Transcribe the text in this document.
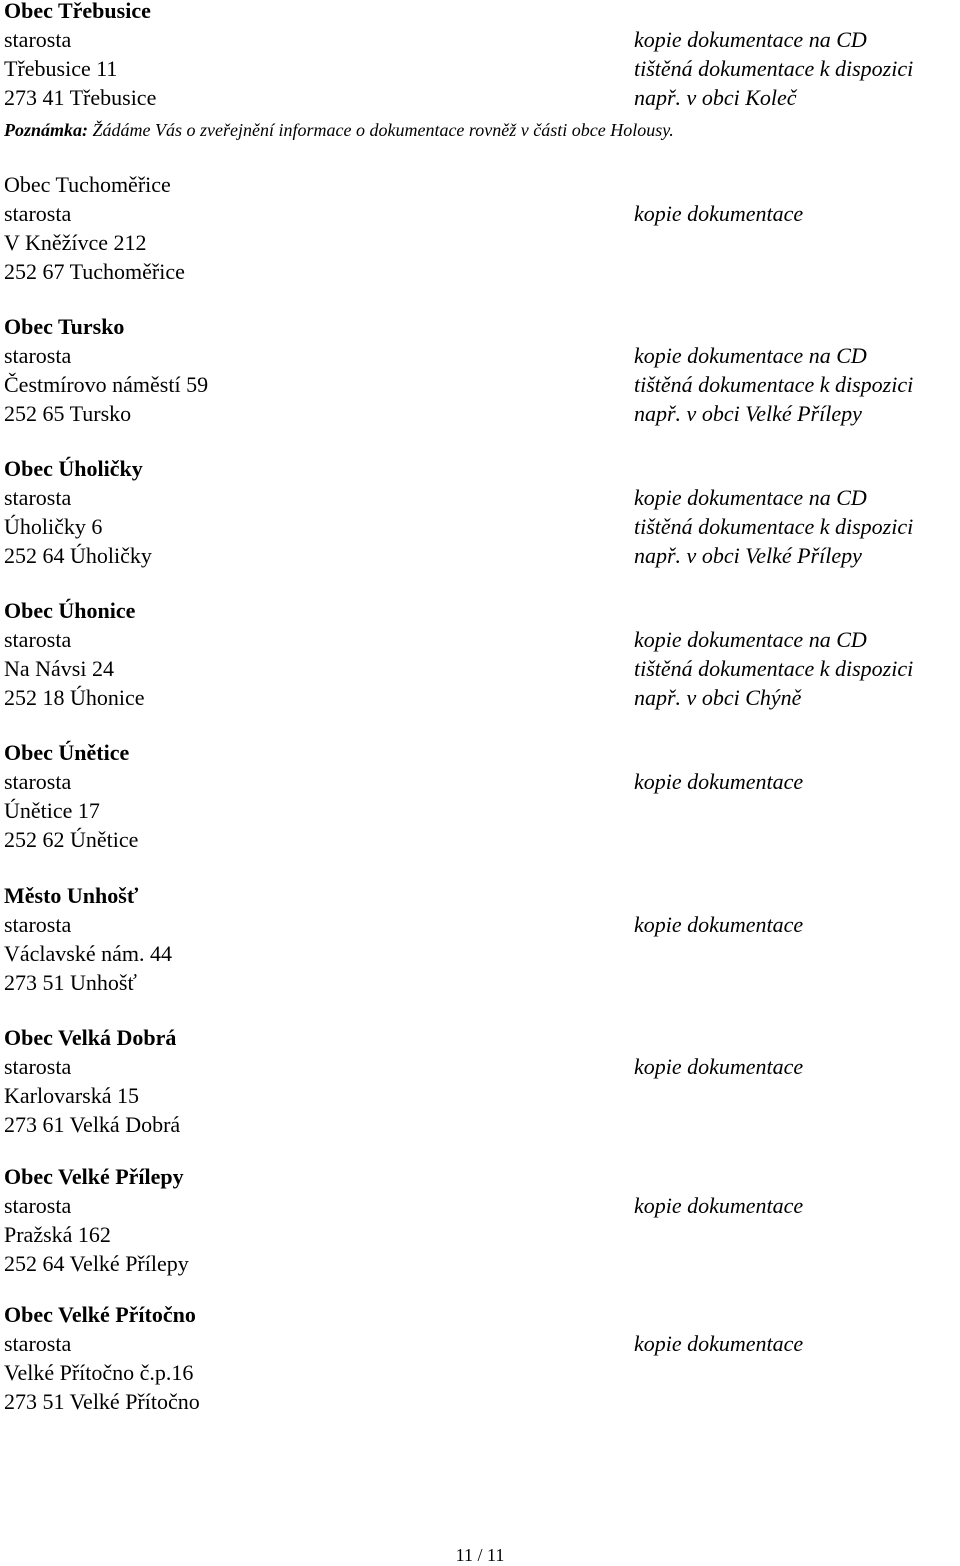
Obec Třebusice
starosta
Třebusice 11
273 41 Třebusice
kopie dokumentace na CD
tištěná dokumentace k dispozici
např. v obci Koleč
Poznámka: Žádáme Vás o zveřejnění informace o dokumentace rovněž v části obce Holousy.
Obec Tuchoměřice
starosta
V Kněžívce 212
252 67 Tuchoměřice
kopie dokumentace
Obec Tursko
starosta
Čestmírovo náměstí 59
252 65 Tursko
kopie dokumentace na CD
tištěná dokumentace k dispozici
např. v obci Velké Přílepy
Obec Úholičky
starosta
Úholičky 6
252 64 Úholičky
kopie dokumentace na CD
tištěná dokumentace k dispozici
např. v obci Velké Přílepy
Obec Úhonice
starosta
Na Návsi 24
252 18 Úhonice
kopie dokumentace na CD
tištěná dokumentace k dispozici
např. v obci Chýně
Obec Únětice
starosta
Únětice 17
252 62 Únětice
kopie dokumentace
Město Unhošť
starosta
Václavské nám. 44
273 51 Unhošť
kopie dokumentace
Obec Velká Dobrá
starosta
Karlovarská 15
273 61 Velká Dobrá
kopie dokumentace
Obec Velké Přílepy
starosta
Pražská 162
252 64 Velké Přílepy
kopie dokumentace
Obec Velké Přítočno
starosta
Velké Přítočno č.p.16
273 51 Velké Přítočno
kopie dokumentace
11 / 11
